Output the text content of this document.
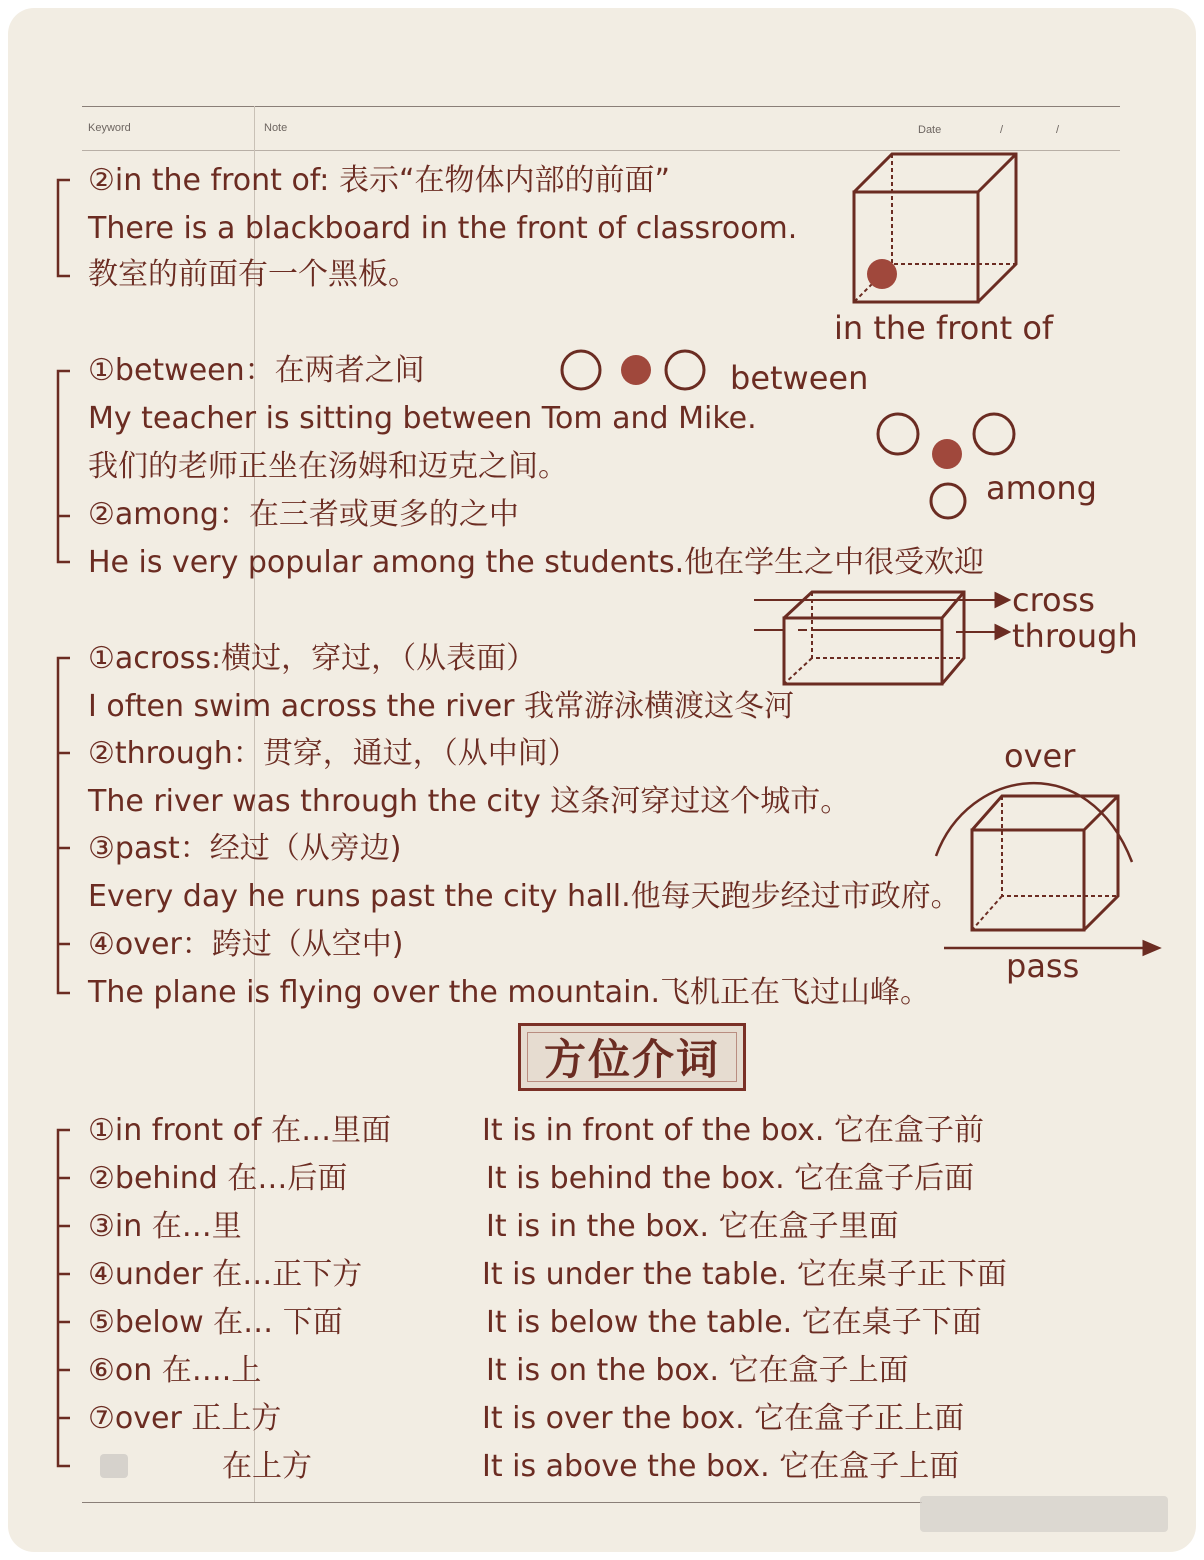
Keyword	Note	Date	/	/
②in the front of: 表示“在物体内部的前面”
There is a blackboard in the front of classroom.
教室的前面有一个黑板。
in the front of
①between：在两者之间
My teacher is sitting between Tom and Mike.
我们的老师正坐在汤姆和迈克之间。
②among：在三者或更多的之中
He is very popular among the students.他在学生之中很受欢迎
between
among
①across:横过，穿过，（从表面）
I often swim across the river 我常游泳横渡这冬河
②through：贯穿，通过，（从中间）
The river was through the city 这条河穿过这个城市。
③past：经过（从旁边)
Every day he runs past the city hall.他每天跑步经过市政府。
④over：跨过（从空中)
The plane is flying over the mountain.飞机正在飞过山峰。
cross
through
over
pass
方位介词
①in front of 在…里面	It is in front of the box. 它在盒子前
②behind 在…后面	It is behind the box. 它在盒子后面
③in 在…里	It is in the box. 它在盒子里面
④under 在…正下方	It is under the table. 它在桌子正下面
⑤below 在… 下面	It is below the table. 它在桌子下面
⑥on 在….上	It is on the box. 它在盒子上面
⑦over 正上方	It is over the box. 它在盒子正上面
在上方	It is above the box. 它在盒子上面
